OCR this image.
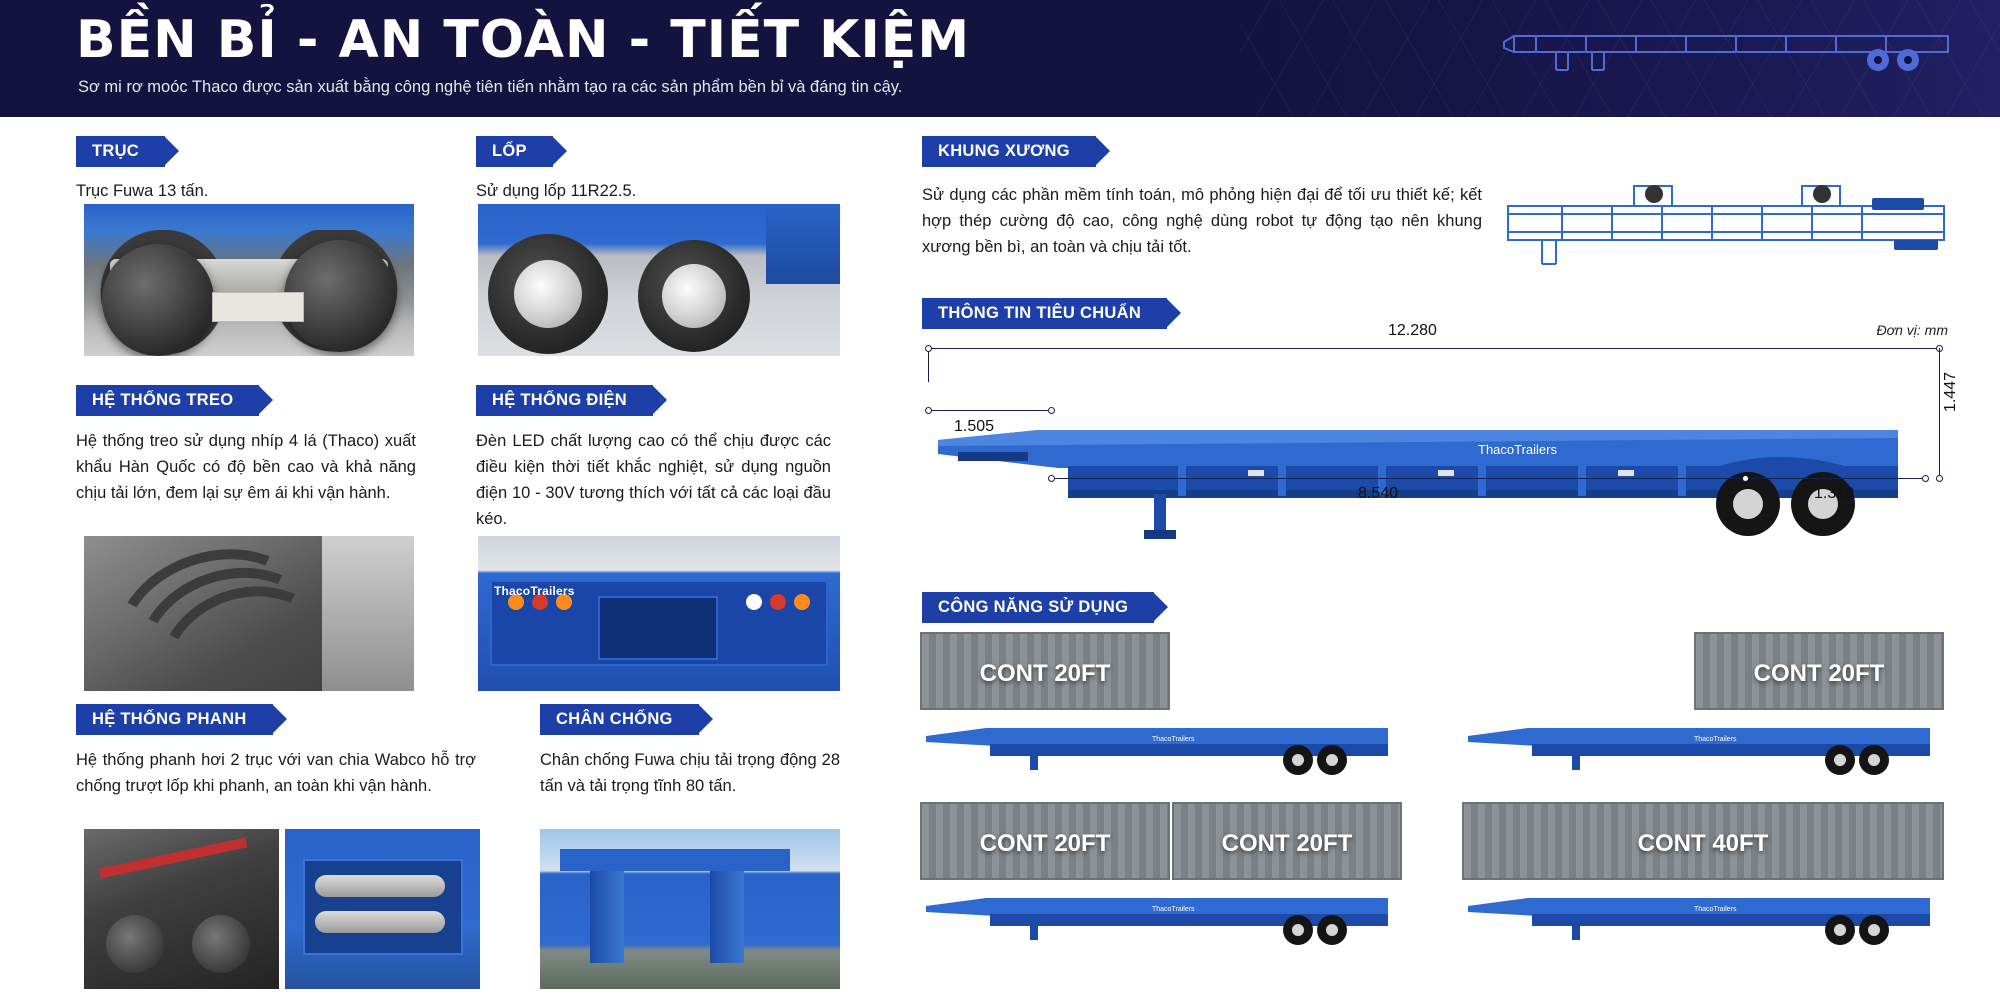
BỀN BỈ - AN TOÀN - TIẾT KIỆM
Sơ mi rơ moóc Thaco được sản xuất bằng công nghệ tiên tiến nhằm tạo ra các sản phẩm bền bỉ và đáng tin cậy.
TRỤC
Trục Fuwa 13 tấn.
HỆ THỐNG TREO
Hệ thống treo sử dụng nhíp 4 lá (Thaco) xuất khẩu Hàn Quốc có độ bền cao và khả năng chịu tải lớn, đem lại sự êm ái khi vận hành.
HỆ THỐNG PHANH
Hệ thống phanh hơi 2 trục với van chia Wabco hỗ trợ chống trượt lốp khi phanh, an toàn khi vận hành.
LỐP
Sử dụng lốp 11R22.5.
HỆ THỐNG ĐIỆN
Đèn LED chất lượng cao có thể chịu được các điều kiện thời tiết khắc nghiệt, sử dụng nguồn điện 10 - 30V tương thích với tất cả các loại đầu kéo.
ThacoTrailers
CHÂN CHỐNG
Chân chống Fuwa chịu tải trọng động 28 tấn và tải trọng tĩnh 80 tấn.
KHUNG XƯƠNG
Sử dụng các phần mềm tính toán, mô phỏng hiện đại để tối ưu thiết kế; kết hợp thép cường độ cao, công nghệ dùng robot tự động tạo nên khung xương bền bì, an toàn và chịu tải tốt.
THÔNG TIN TIÊU CHUẨN
Đơn vị: mm
ThacoTrailers
12.280
1.505
8.540	1.310
1.447
CÔNG NĂNG SỬ DỤNG
CONT 20FT
ThacoTrailers
CONT 20FT
ThacoTrailers
CONT 20FT	CONT 20FT
ThacoTrailers
CONT 40FT
ThacoTrailers
